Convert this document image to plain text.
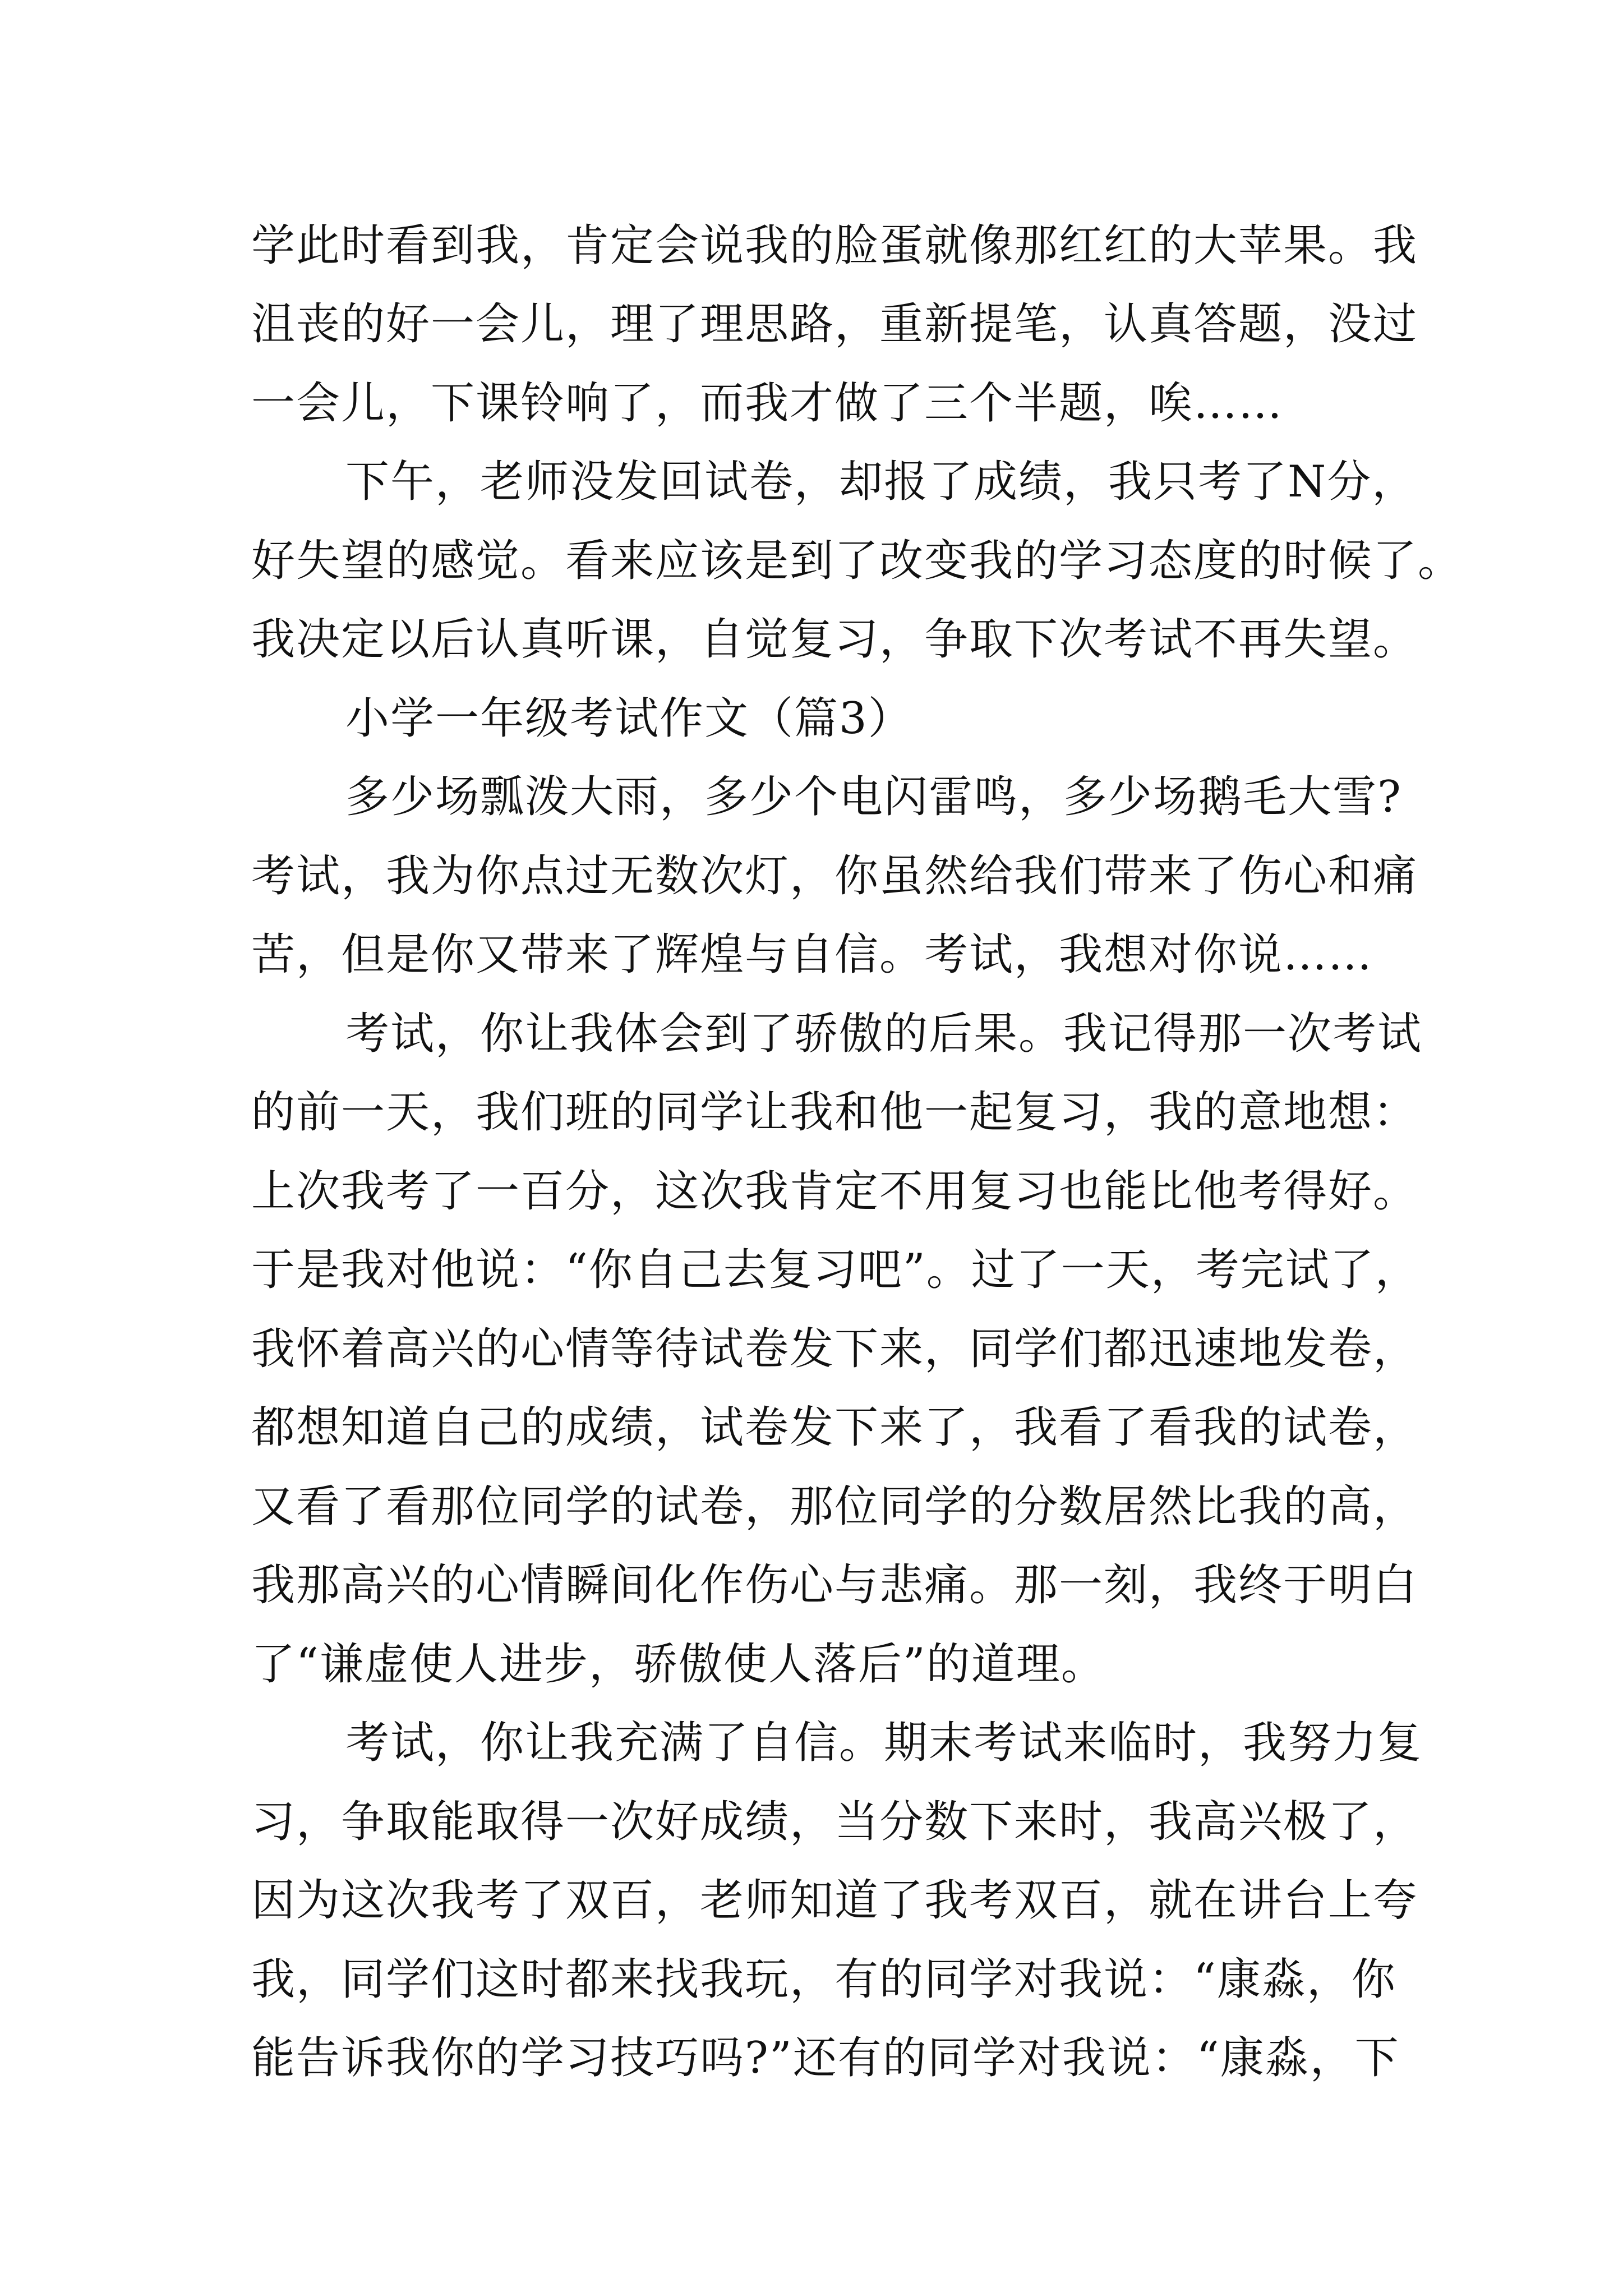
学此时看到我，肯定会说我的脸蛋就像那红红的大苹果。我
沮丧的好一会儿，理了理思路，重新提笔，认真答题，没过
一会儿，下课铃响了，而我才做了三个半题，唉……
下午，老师没发回试卷，却报了成绩，我只考了N分，
好失望的感觉。看来应该是到了改变我的学习态度的时候了。
我决定以后认真听课，自觉复习，争取下次考试不再失望。
小学一年级考试作文（篇3）
多少场瓢泼大雨，多少个电闪雷鸣，多少场鹅毛大雪?
考试，我为你点过无数次灯，你虽然给我们带来了伤心和痛
苦，但是你又带来了辉煌与自信。考试，我想对你说……
考试，你让我体会到了骄傲的后果。我记得那一次考试
的前一天，我们班的同学让我和他一起复习，我的意地想：
上次我考了一百分，这次我肯定不用复习也能比他考得好。
于是我对他说：“你自己去复习吧”。过了一天，考完试了，
我怀着高兴的心情等待试卷发下来，同学们都迅速地发卷，
都想知道自己的成绩，试卷发下来了，我看了看我的试卷，
又看了看那位同学的试卷，那位同学的分数居然比我的高，
我那高兴的心情瞬间化作伤心与悲痛。那一刻，我终于明白
了“谦虚使人进步，骄傲使人落后”的道理。
考试，你让我充满了自信。期末考试来临时，我努力复
习，争取能取得一次好成绩，当分数下来时，我高兴极了，
因为这次我考了双百，老师知道了我考双百，就在讲台上夸
我，同学们这时都来找我玩，有的同学对我说：“康淼，你
能告诉我你的学习技巧吗?”还有的同学对我说：“康淼，下
